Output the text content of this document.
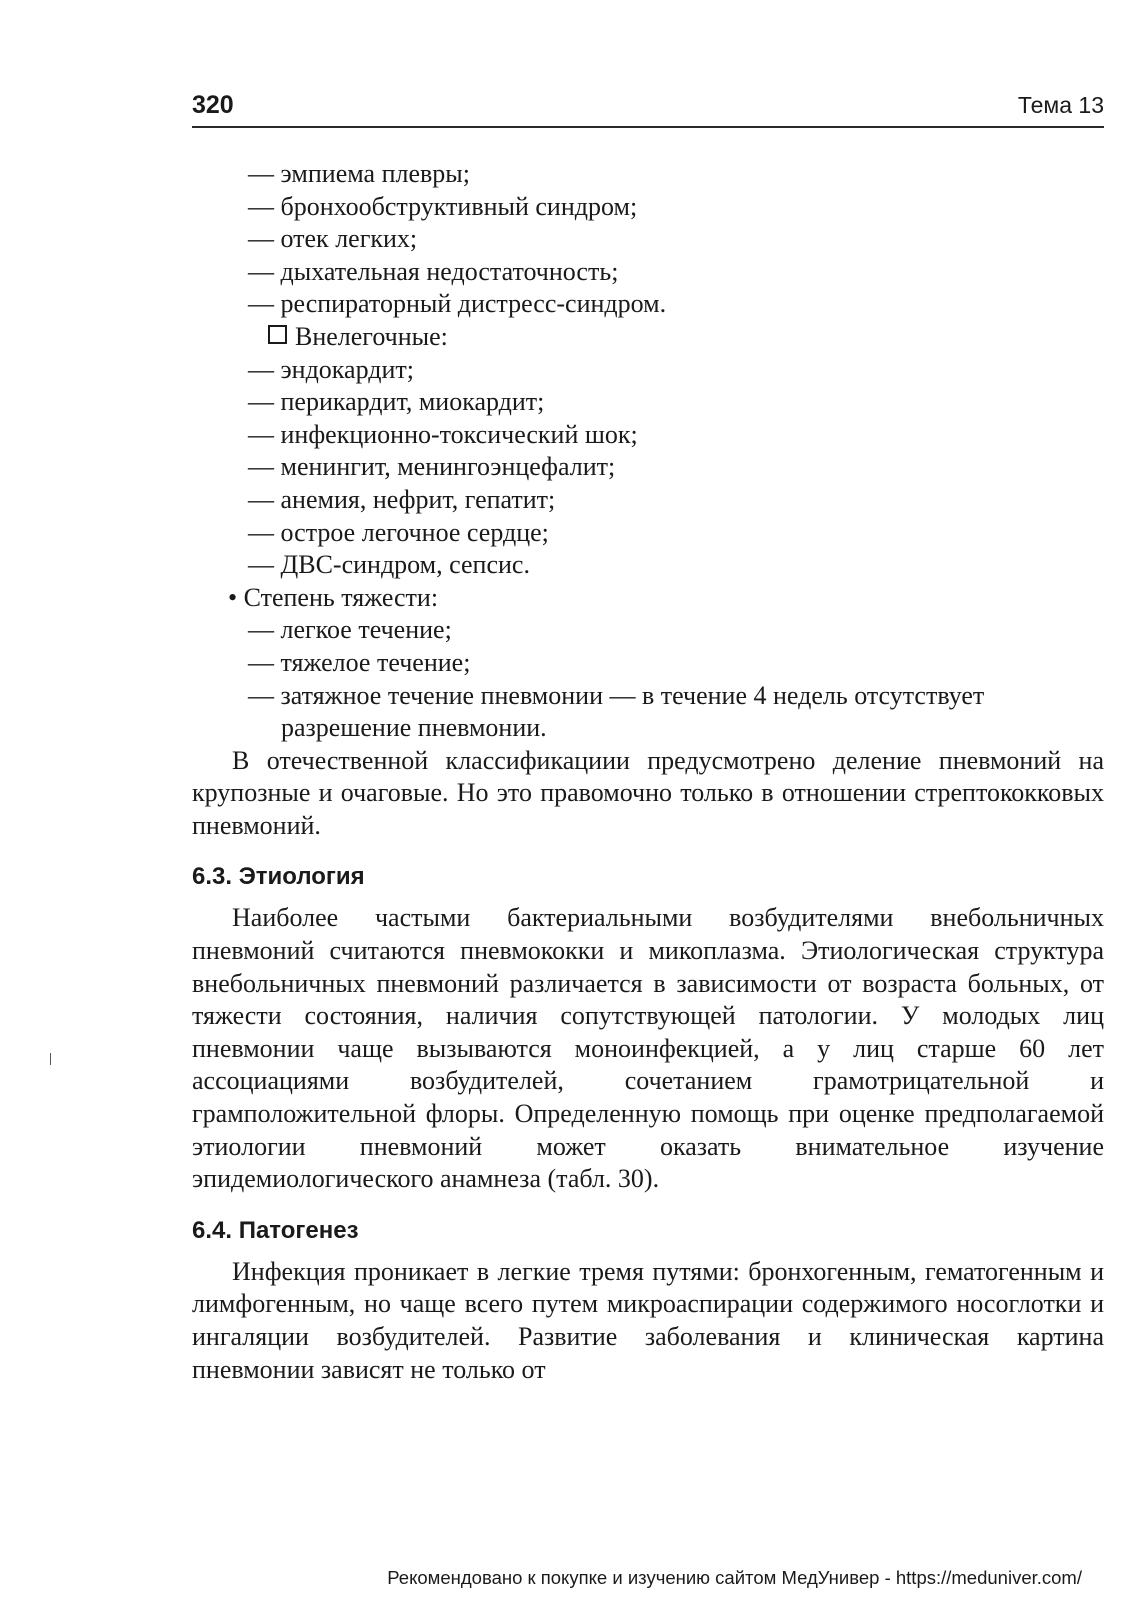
320	Тема 13
— эмпиема плевры;
— бронхообструктивный синдром;
— отек легких;
— дыхательная недостаточность;
— респираторный дистресс-синдром.
Внелегочные:
— эндокардит;
— перикардит, миокардит;
— инфекционно-токсический шок;
— менингит, менингоэнцефалит;
— анемия, нефрит, гепатит;
— острое легочное сердце;
— ДВС-синдром, сепсис.
• Степень тяжести:
— легкое течение;
— тяжелое течение;
— затяжное течение пневмонии — в течение 4 недель отсутствует разрешение пневмонии.

В отечественной классификациии предусмотрено деление пневмоний на крупозные и очаговые. Но это правомочно только в отношении стрептококковых пневмоний.

6.3. Этиология

Наиболее частыми бактериальными возбудителями внебольничных пневмоний считаются пневмококки и микоплазма. Этиологическая структура внебольничных пневмоний различается в зависимости от возраста больных, от тяжести состояния, наличия сопутствующей патологии. У молодых лиц пневмонии чаще вызываются моноинфекцией, а у лиц старше 60 лет ассоциациями возбудителей, сочетанием грамотрицательной и грамположительной флоры. Определенную помощь при оценке предполагаемой этиологии пневмоний может оказать внимательное изучение эпидемиологического анамнеза (табл. 30).

6.4. Патогенез

Инфекция проникает в легкие тремя путями: бронхогенным, гематогенным и лимфогенным, но чаще всего путем микроаспирации содержимого носоглотки и ингаляции возбудителей. Развитие заболевания и клиническая картина пневмонии зависят не только от

Рекомендовано к покупке и изучению сайтом МедУнивер - https://meduniver.com/
